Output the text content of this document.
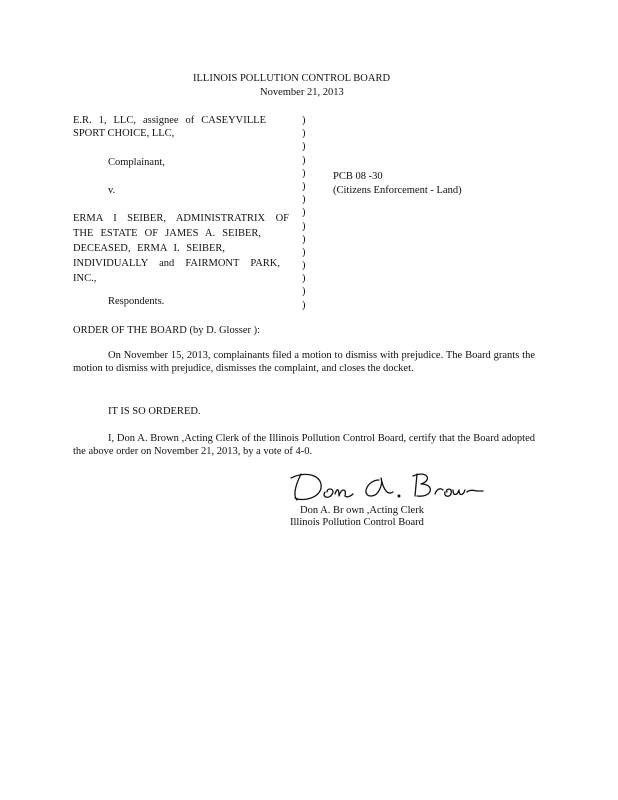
ILLINOIS POLLUTION CONTROL BOARD
November 21, 2013
E.R. 1, LLC, assignee of CASEYVILLE
SPORT CHOICE, LLC,
Complainant,
v.
ERMA I SEIBER, ADMINISTRATRIX OF
THE ESTATE OF JAMES A. SEIBER,
DECEASED, ERMA I. SEIBER,
INDIVIDUALLY and FAIRMONT PARK,
INC.,
Respondents.
)
)
)
)
)
)
)
)
)
)
)
)
)
)
)
PCB 08 -30
(Citizens Enforcement - Land)
ORDER OF THE BOARD (by D. Glosser ):
On November 15, 2013, complainants filed a motion to dismiss with prejudice. The Board grants the motion to dismiss with prejudice, dismisses the complaint, and closes the docket.
IT IS SO ORDERED.
I, Don A. Brown ,Acting Clerk of the Illinois Pollution Control Board, certify that the Board adopted the above order on November 21, 2013, by a vote of 4-0.
Don A. Br own ,Acting Clerk
Illinois Pollution Control Board
